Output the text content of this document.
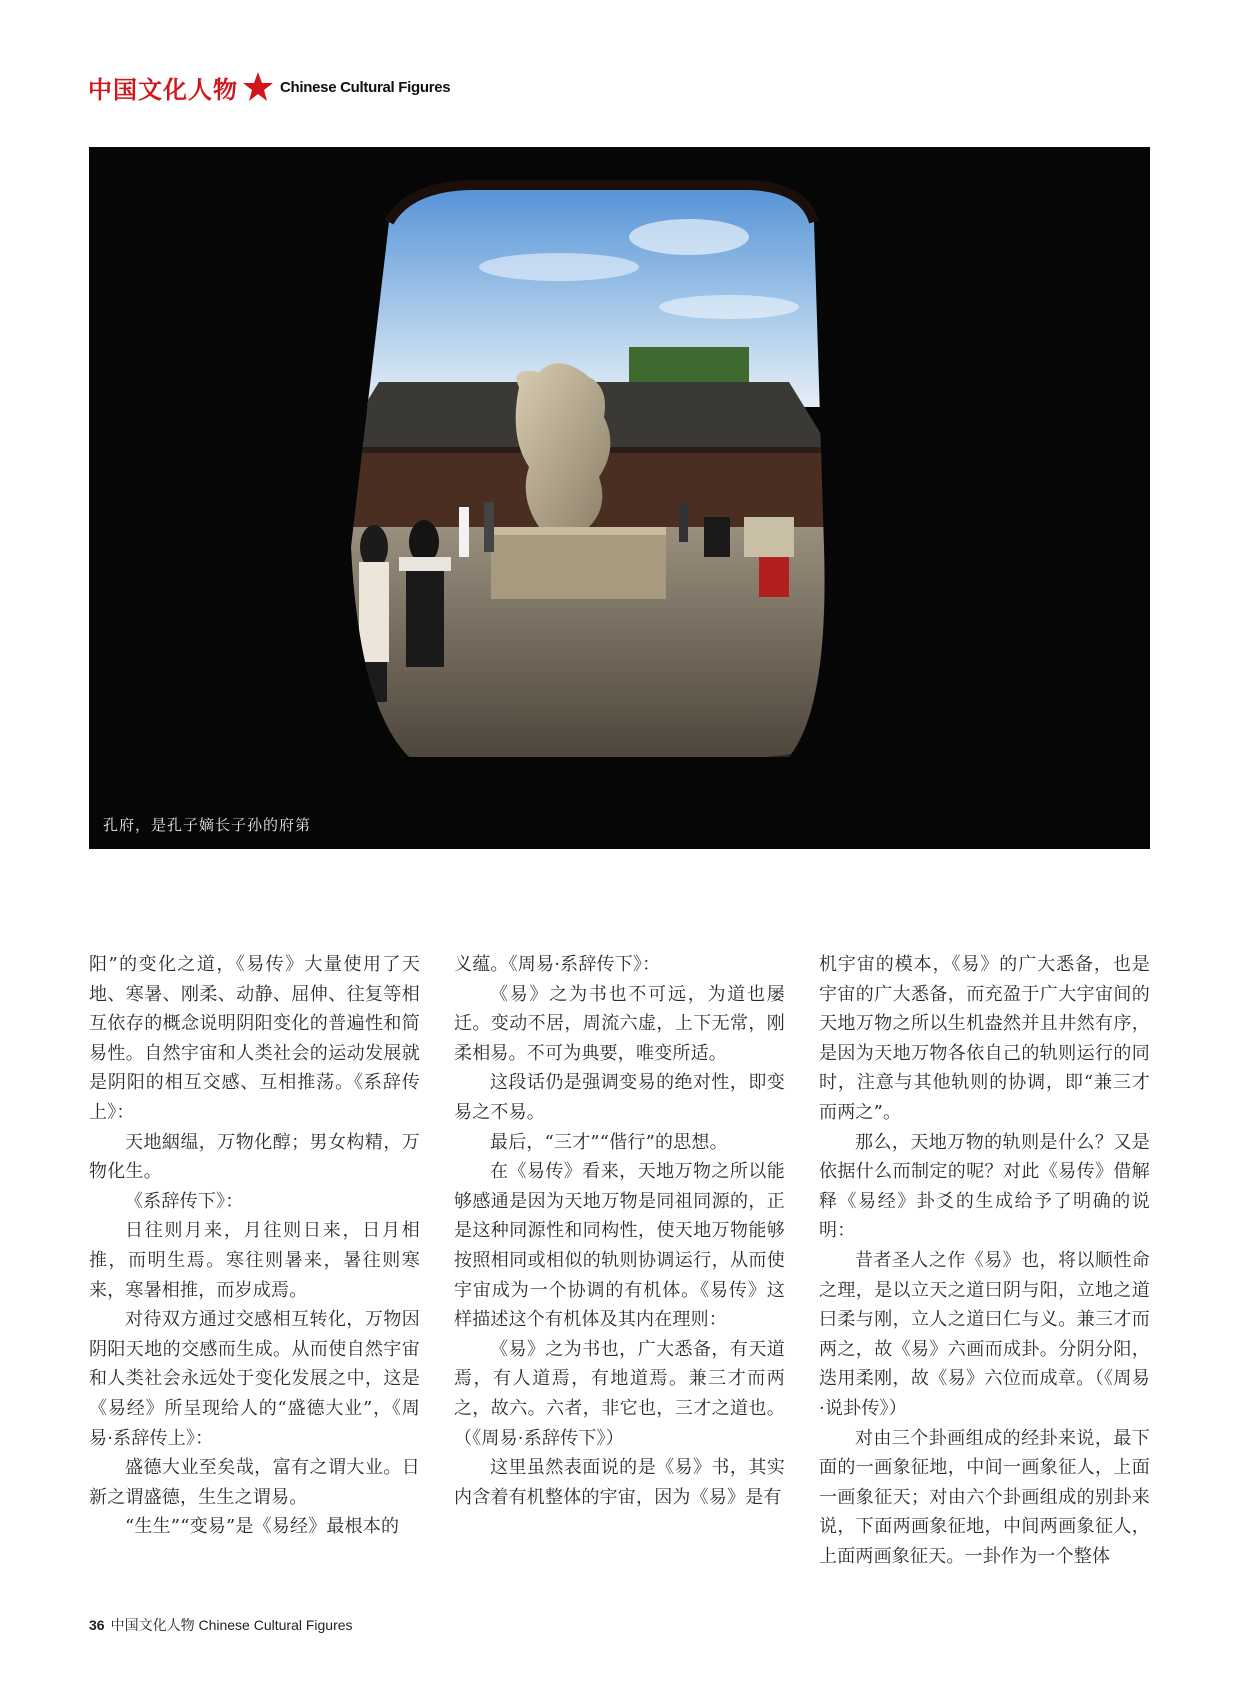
中国文化人物	Chinese Cultural Figures
孔府，是孔子嫡长子孙的府第

阳”的变化之道，《易传》大量使用了天地、寒暑、刚柔、动静、屈伸、往复等相互依存的概念说明阴阳变化的普遍性和简易性。自然宇宙和人类社会的运动发展就是阴阳的相互交感、互相推荡。《系辞传上》：

天地絪缊，万物化醇；男女构精，万物化生。

《系辞传下》：

日往则月来，月往则日来，日月相推，而明生焉。寒往则暑来，暑往则寒来，寒暑相推，而岁成焉。

对待双方通过交感相互转化，万物因阴阳天地的交感而生成。从而使自然宇宙和人类社会永远处于变化发展之中，这是《易经》所呈现给人的“盛德大业”，《周易·系辞传上》：

盛德大业至矣哉，富有之谓大业。日新之谓盛德，生生之谓易。

“生生”“变易”是《易经》最根本的

义蕴。《周易·系辞传下》：

《易》之为书也不可远，为道也屡迁。变动不居，周流六虚，上下无常，刚柔相易。不可为典要，唯变所适。

这段话仍是强调变易的绝对性，即变易之不易。

最后，“三才”“偕行”的思想。

在《易传》看来，天地万物之所以能够感通是因为天地万物是同祖同源的，正是这种同源性和同构性，使天地万物能够按照相同或相似的轨则协调运行，从而使宇宙成为一个协调的有机体。《易传》这样描述这个有机体及其内在理则：

《易》之为书也，广大悉备，有天道焉，有人道焉，有地道焉。兼三才而两之，故六。六者，非它也，三才之道也。（《周易·系辞传下》）

这里虽然表面说的是《易》书，其实内含着有机整体的宇宙，因为《易》是有

机宇宙的模本，《易》的广大悉备，也是宇宙的广大悉备，而充盈于广大宇宙间的天地万物之所以生机盎然并且井然有序，是因为天地万物各依自己的轨则运行的同时，注意与其他轨则的协调，即“兼三才而两之”。

那么，天地万物的轨则是什么？又是依据什么而制定的呢？对此《易传》借解释《易经》卦爻的生成给予了明确的说明：

昔者圣人之作《易》也，将以顺性命之理，是以立天之道曰阴与阳，立地之道曰柔与刚，立人之道曰仁与义。兼三才而两之，故《易》六画而成卦。分阴分阳，迭用柔刚，故《易》六位而成章。（《周易·说卦传》）

对由三个卦画组成的经卦来说，最下面的一画象征地，中间一画象征人，上面一画象征天；对由六个卦画组成的别卦来说，下面两画象征地，中间两画象征人，上面两画象征天。一卦作为一个整体

36 中国文化人物 Chinese Cultural Figures
